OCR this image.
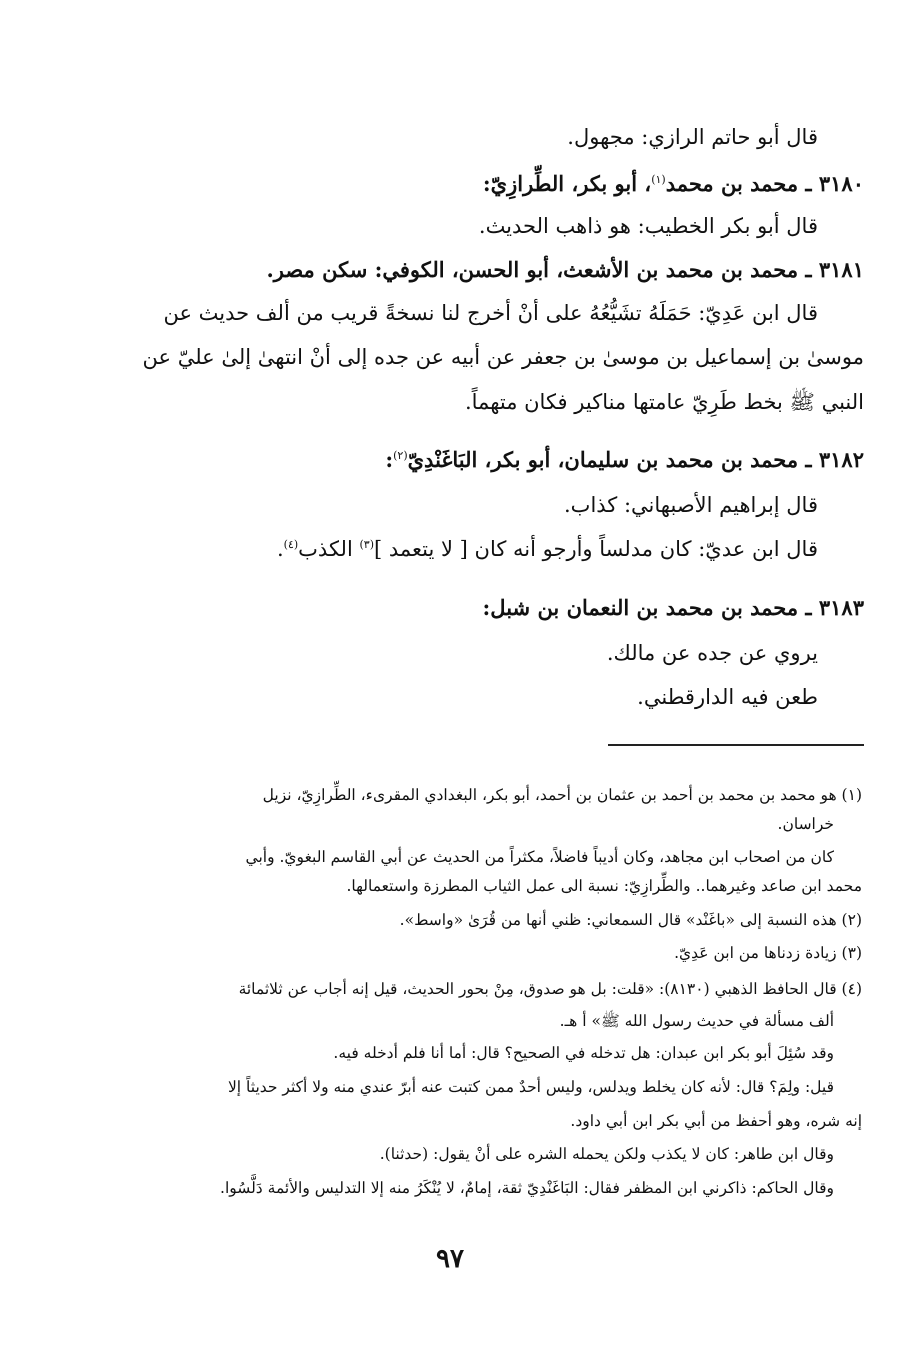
قال أبو حاتم الرازي: مجهول.
٣١٨٠ ـ محمد بن محمد$^{(١)}$، أبو بكر، الطِّرازِيّ:
قال أبو بكر الخطيب: هو ذاهب الحديث.
٣١٨١ ـ محمد بن محمد بن الأشعث، أبو الحسن، الكوفي: سكن مصر.
قال ابن عَدِيّ: حَمَلَهُ تشَيُّعُهُ على أنْ أخرج لنا نسخةً قريب من ألف حديث عن
موسىٰ بن إسماعيل بن موسىٰ بن جعفر عن أبيه عن جده إلى أنْ انتهىٰ إلىٰ عليّ عن
النبي ﷺ بخط طَرِيّ عامتها مناكير فكان متهماً.
٣١٨٢ ـ محمد بن محمد بن سليمان، أبو بكر، البَاغَنْدِيّ$^{(٢)}$:
قال إبراهيم الأصبهاني: كذاب.
قال ابن عديّ: كان مدلساً وأرجو أنه كان [ لا يتعمد ]$^{(٣)}$ الكذب$^{(٤)}$.
٣١٨٣ ـ محمد بن محمد بن النعمان بن شبل:
يروي عن جده عن مالك.
طعن فيه الدارقطني.
(١) هو محمد بن محمد بن أحمد بن عثمان بن أحمد، أبو بكر، البغدادي المقرىء، الطِّرازِيّ، نزيل
خراسان.
كان من اصحاب ابن مجاهد، وكان أديباً فاضلاً، مكثراً من الحديث عن أبي القاسم البغويّ. وأبي
محمد ابن صاعد وغيرهما.. والطِّرازِيّ: نسبة الى عمل الثياب المطرزة واستعمالها.
(٢) هذه النسبة إلى «باغَنْد» قال السمعاني: ظني أنها من قُرَىٰ «واسط».
(٣) زيادة زدناها من ابن عَدِيّ.
(٤) قال الحافظ الذهبي (٨١٣٠): «قلت: بل هو صدوق، مِنْ بحور الحديث، قيل إنه أجاب عن ثلاثمائة
ألف مسألة في حديث رسول الله ﷺ» أ هـ.
وقد سُئِلَ أبو بكر ابن عبدان: هل تدخله في الصحيح؟ قال: أما أنا فلم أدخله فيه.
قيل: ولِمَ؟ قال: لأنه كان يخلط ويدلس، وليس أحدٌ ممن كتبت عنه أبرّ عندي منه ولا أكثر حديثاً إلا
إنه شره، وهو أحفظ من أبي بكر ابن أبي داود.
وقال ابن طاهر: كان لا يكذب ولكن يحمله الشره على أنْ يقول: (حدثنا).
وقال الحاكم: ذاكرني ابن المظفر فقال: البَاغَنْدِيّ ثقة، إمامٌ، لا يُنْكَرُ منه إلا التدليس والأئمة دَلَّسُوا.
٩٧
